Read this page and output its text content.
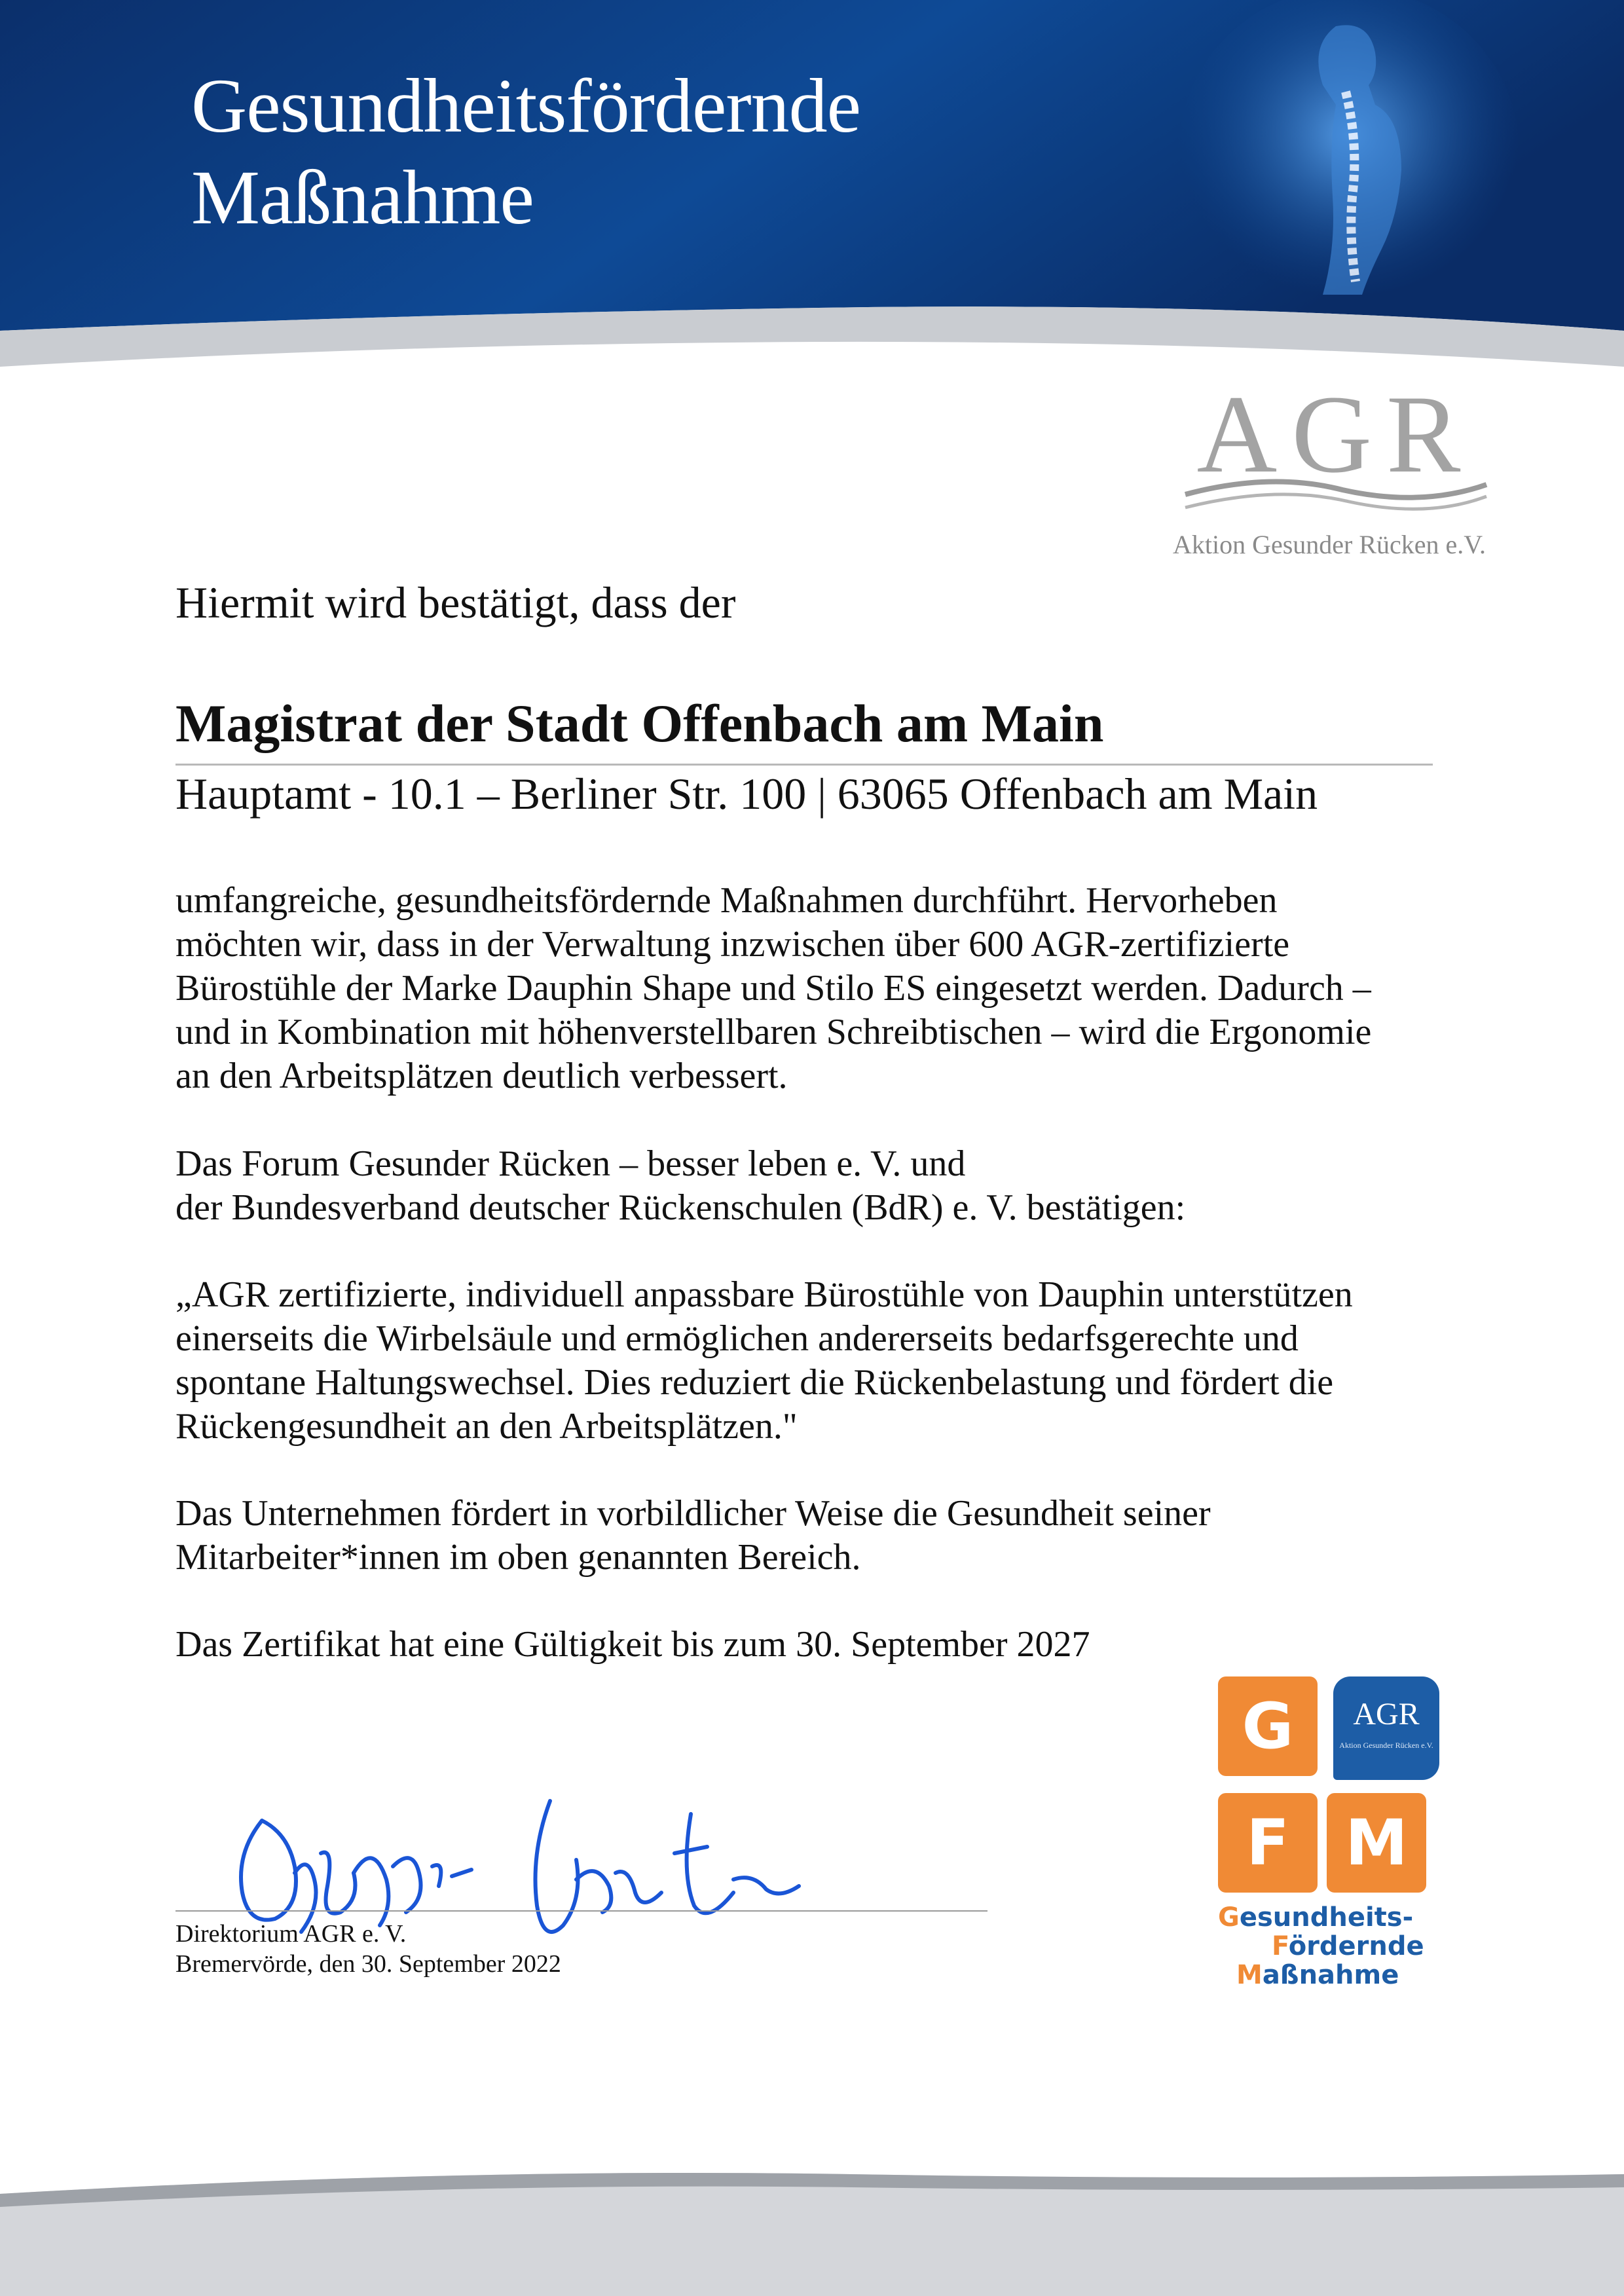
Gesundheitsfördernde
Maßnahme
AGR
Aktion Gesunder Rücken e.V.
Hiermit wird bestätigt, dass der
Magistrat der Stadt Offenbach am Main
Hauptamt - 10.1 – Berliner Str. 100 | 63065 Offenbach am Main
umfangreiche, gesundheitsfördernde Maßnahmen durchführt. Hervorheben
möchten wir, dass in der Verwaltung inzwischen über 600 AGR-zertifizierte
Bürostühle der Marke Dauphin Shape und Stilo ES eingesetzt werden. Dadurch –
und in Kombination mit höhenverstellbaren Schreibtischen – wird die Ergonomie
an den Arbeitsplätzen deutlich verbessert.
Das Forum Gesunder Rücken – besser leben e. V. und
der Bundesverband deutscher Rückenschulen (BdR) e. V. bestätigen:
„AGR zertifizierte, individuell anpassbare Bürostühle von Dauphin unterstützen
einerseits die Wirbelsäule und ermöglichen andererseits bedarfsgerechte und
spontane Haltungswechsel. Dies reduziert die Rückenbelastung und fördert die
Rückengesundheit an den Arbeitsplätzen."
Das Unternehmen fördert in vorbildlicher Weise die Gesundheit seiner
Mitarbeiter*innen im oben genannten Bereich.
Das Zertifikat hat eine Gültigkeit bis zum 30. September 2027
Direktorium AGR e. V.
Bremervörde, den 30. September 2022
G	AGR
Aktion Gesunder Rücken e.V.
F M
Gesundheits-
Fördernde
Maßnahme
